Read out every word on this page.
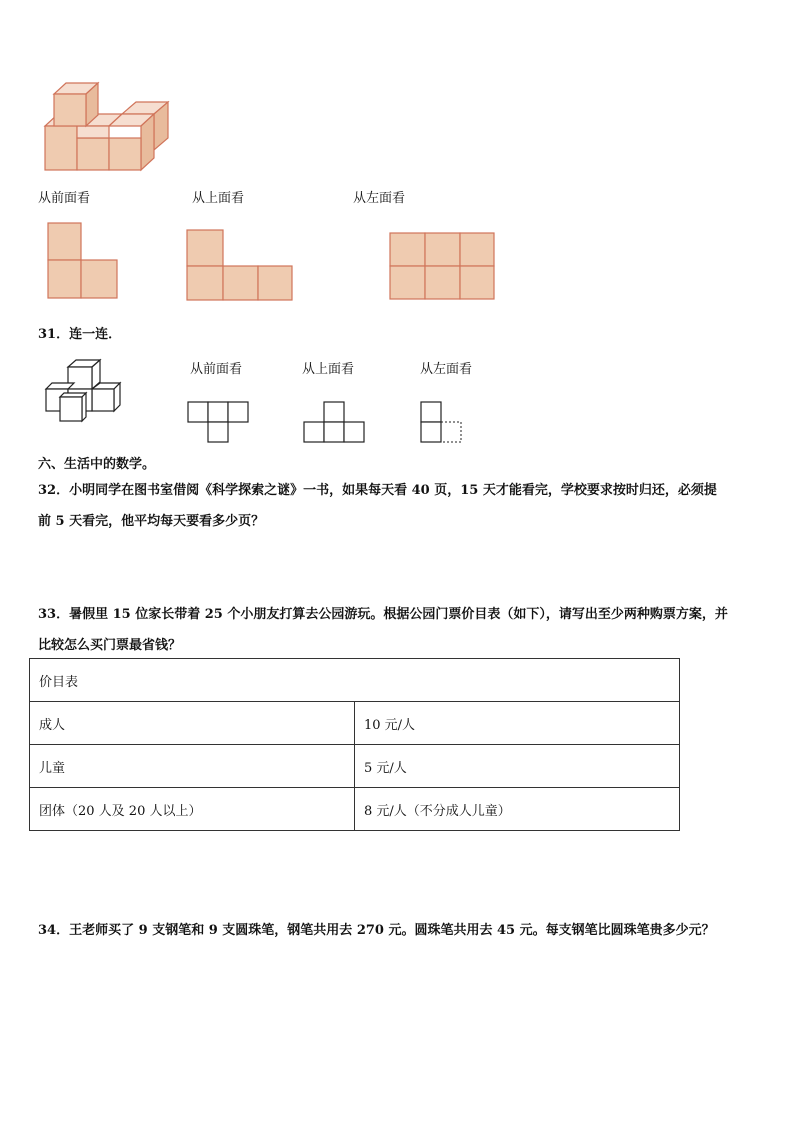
从前面看	从上面看	从左面看
31．连一连．
从前面看	从上面看	从左面看
六、生活中的数学。
32．小明同学在图书室借阅《科学探索之谜》一书，如果每天看 40 页，15 天才能看完，学校要求按时归还，必须提
前 5 天看完，他平均每天要看多少页？
33．暑假里 15 位家长带着 25 个小朋友打算去公园游玩。根据公园门票价目表（如下），请写出至少两种购票方案，并
比较怎么买门票最省钱？
价目表	
成人	10 元/人
儿童	5 元/人
团体（20 人及 20 人以上）	8 元/人（不分成人儿童）
34．王老师买了 9 支钢笔和 9 支圆珠笔，钢笔共用去 270 元。圆珠笔共用去 45 元。每支钢笔比圆珠笔贵多少元？
